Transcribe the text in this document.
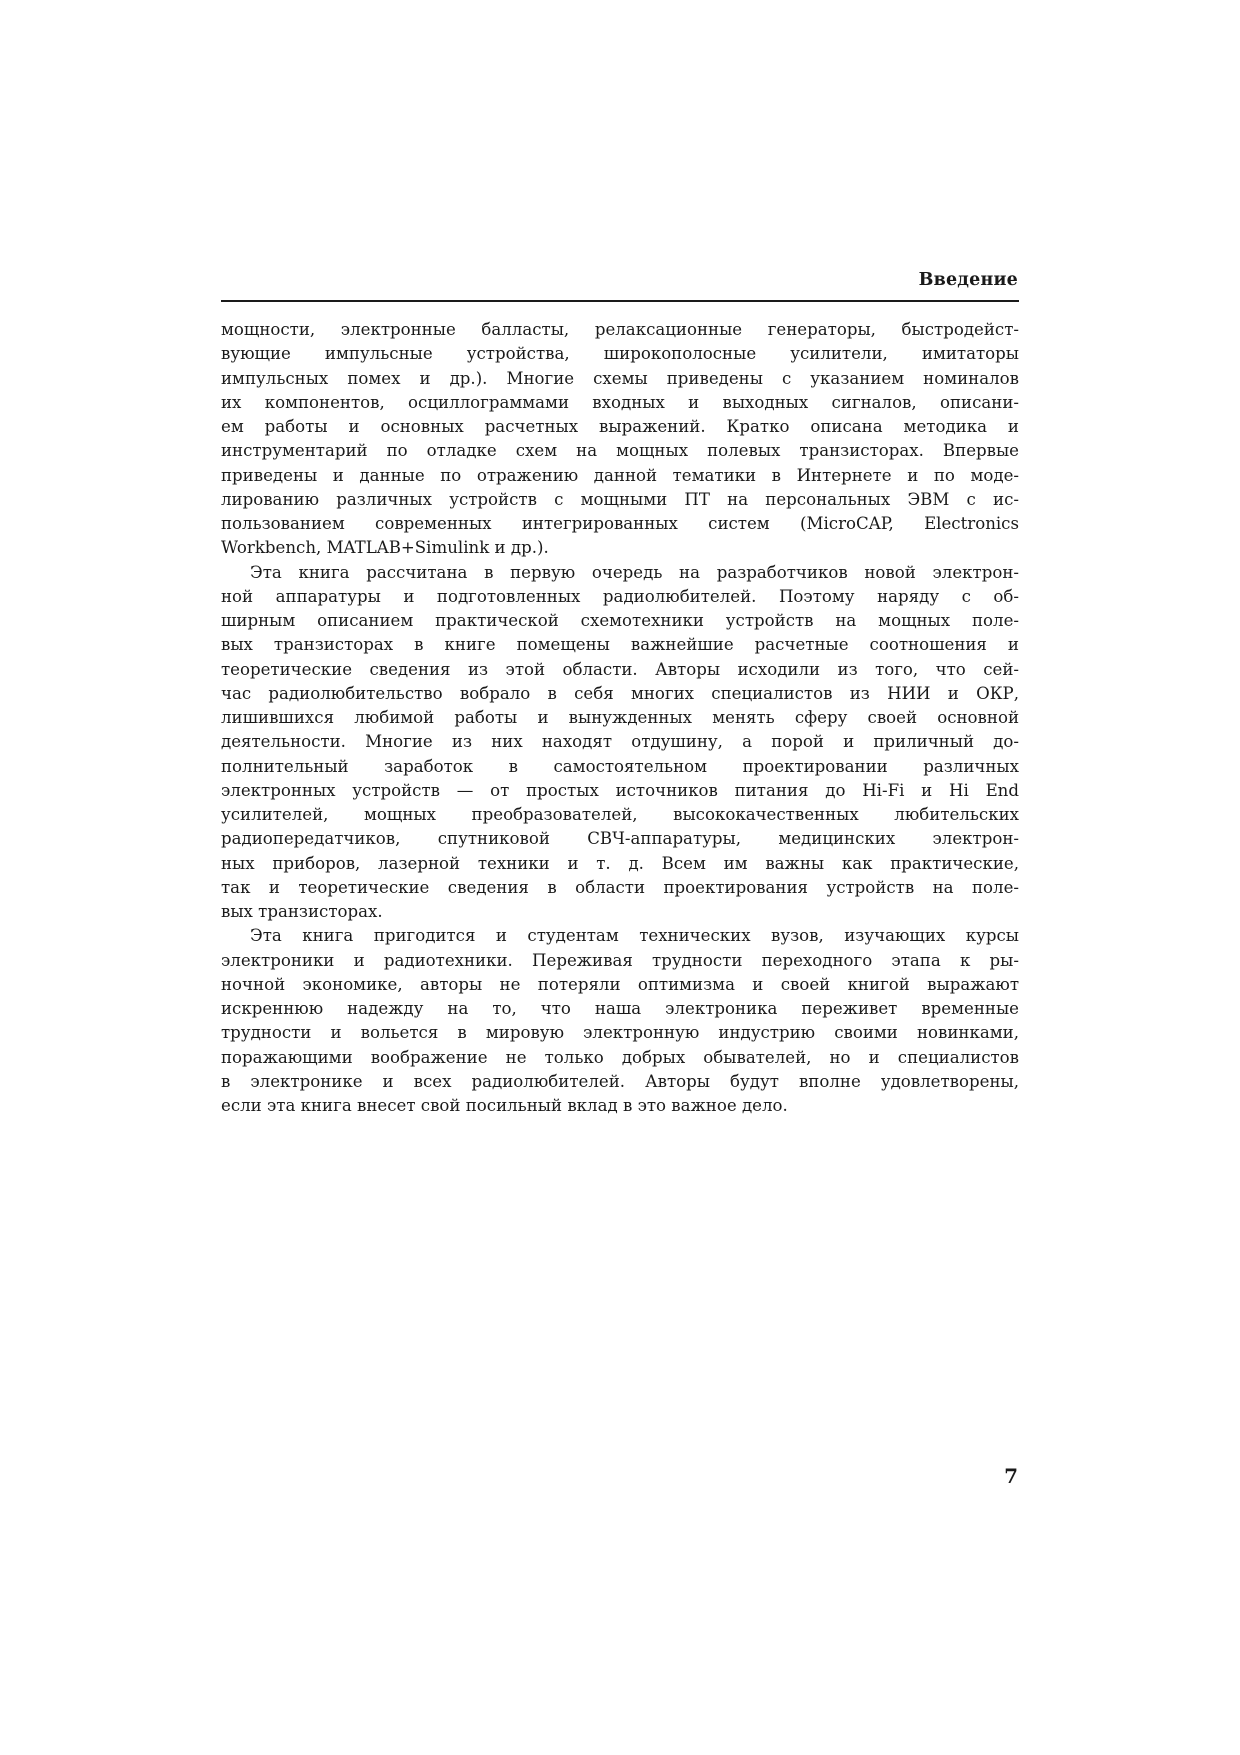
Введение
мощности, электронные балласты, релаксационные генераторы, быстродейст-
вующие импульсные устройства, широкополосные усилители, имитаторы
импульсных помех и др.). Многие схемы приведены с указанием номиналов
их компонентов, осциллограммами входных и выходных сигналов, описани-
ем работы и основных расчетных выражений. Кратко описана методика и
инструментарий по отладке схем на мощных полевых транзисторах. Впервые
приведены и данные по отражению данной тематики в Интернете и по моде-
лированию различных устройств с мощными ПТ на персональных ЭВМ с ис-
пользованием современных интегрированных систем (MicroCAP, Electronics
Workbench, MATLAB+Simulink и др.).
Эта книга рассчитана в первую очередь на разработчиков новой электрон-
ной аппаратуры и подготовленных радиолюбителей. Поэтому наряду с об-
ширным описанием практической схемотехники устройств на мощных поле-
вых транзисторах в книге помещены важнейшие расчетные соотношения и
теоретические сведения из этой области. Авторы исходили из того, что сей-
час радиолюбительство вобрало в себя многих специалистов из НИИ и ОКР,
лишившихся любимой работы и вынужденных менять сферу своей основной
деятельности. Многие из них находят отдушину, а порой и приличный до-
полнительный заработок в самостоятельном проектировании различных
электронных устройств — от простых источников питания до Hi-Fi и Hi End
усилителей, мощных преобразователей, высококачественных любительских
радиопередатчиков, спутниковой СВЧ-аппаратуры, медицинских электрон-
ных приборов, лазерной техники и т. д. Всем им важны как практические,
так и теоретические сведения в области проектирования устройств на поле-
вых транзисторах.
Эта книга пригодится и студентам технических вузов, изучающих курсы
электроники и радиотехники. Переживая трудности переходного этапа к ры-
ночной экономике, авторы не потеряли оптимизма и своей книгой выражают
искреннюю надежду на то, что наша электроника переживет временные
трудности и вольется в мировую электронную индустрию своими новинками,
поражающими воображение не только добрых обывателей, но и специалистов
в электронике и всех радиолюбителей. Авторы будут вполне удовлетворены,
если эта книга внесет свой посильный вклад в это важное дело.
7
